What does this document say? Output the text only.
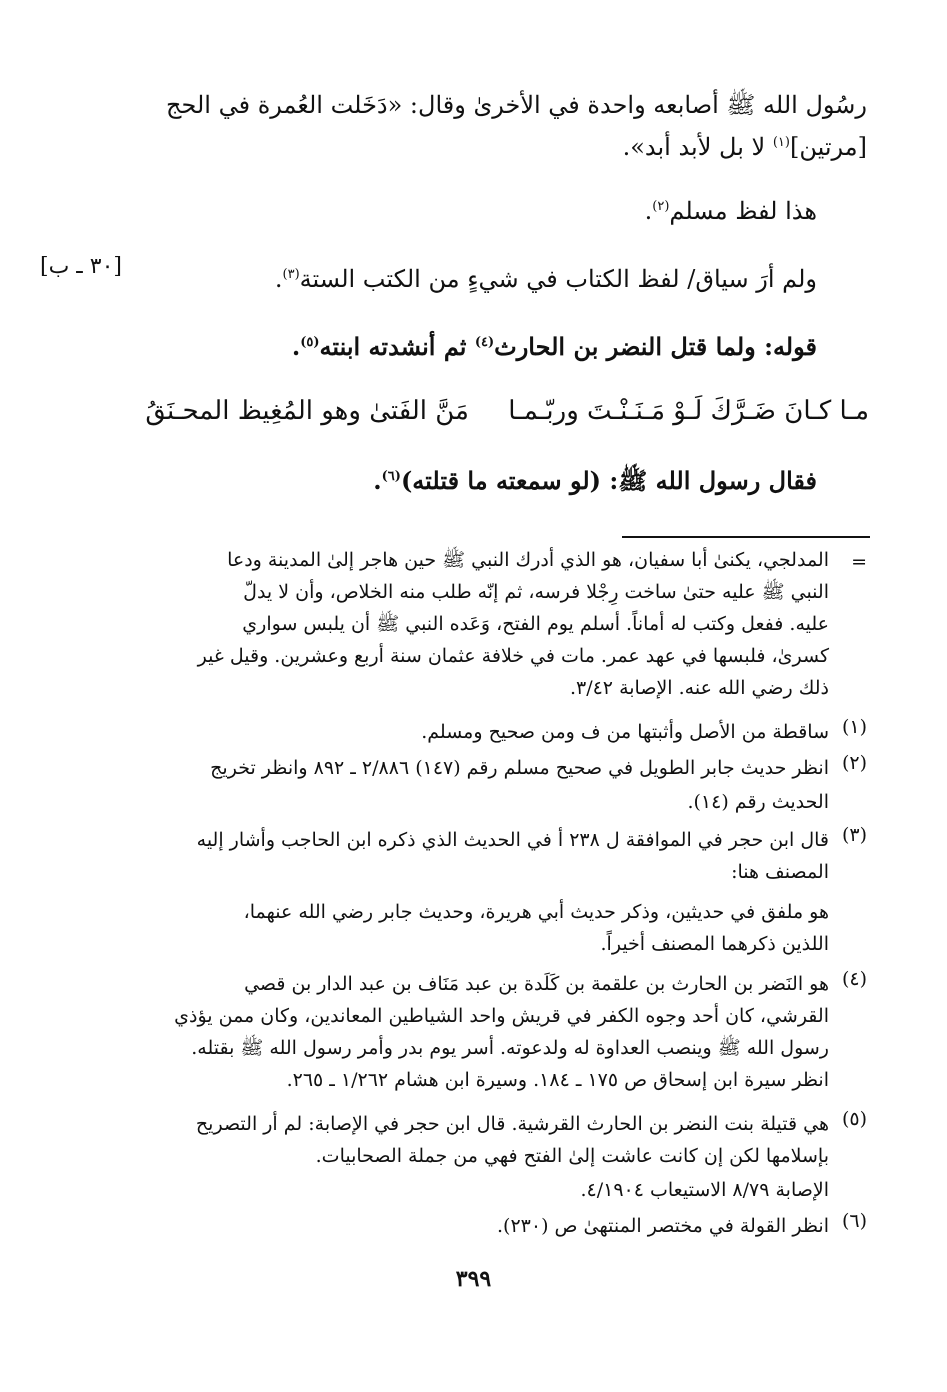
رسُول الله ﷺ أصابعه واحدة في الأخرىٰ وقال: «دَخَلت العُمرة في الحج
[مرتين]$^{(١)}$ لا بل لأبد أبد».
هذا لفظ مسلم$^{(٢)}$.
[٣٠ ـ ب]	ولم أرَ سياق/ لفظ الكتاب في شيءٍ من الكتب الستة$^{(٣)}$.
قوله: ولما قتل النضر بن الحارث$^{(٤)}$ ثم أنشدته ابنته$^{(٥)}$.
مـا كـانَ ضَـرَّكَ لَـوْ مَـنَـنْـتَ وربّـمـا
مَنَّ الفَتىٰ وهو المُغِيظ المحـنَقُ
فقال رسول الله ﷺ: (لو سمعته ما قتلته)$^{(٦)}$.
=
المدلجي، يكنىٰ أبا سفيان، هو الذي أدرك النبي ﷺ حين هاجر إلىٰ المدينة ودعا
النبي ﷺ عليه حتىٰ ساخت رِجْلا فرسه، ثم إنّه طلب منه الخلاص، وأن لا يدلّ
عليه. ففعل وكتب له أماناً. أسلم يوم الفتح، وَعَده النبي ﷺ أن يلبس سواري
كسرىٰ، فلبسها في عهد عمر. مات في خلافة عثمان سنة أربع وعشرين. وقيل غير
ذلك رضي الله عنه. الإصابة ٣/٤٢.
(١)
ساقطة من الأصل وأثبتها من ف ومن صحيح ومسلم.
(٢)
انظر حديث جابر الطويل في صحيح مسلم رقم (١٤٧) ٢/٨٨٦ ـ ٨٩٢ وانظر تخريج
الحديث رقم (١٤).
(٣)
قال ابن حجر في الموافقة ل ٢٣٨ أ في الحديث الذي ذكره ابن الحاجب وأشار إليه
المصنف هنا:
هو ملفق في حديثين، وذكر حديث أبي هريرة، وحديث جابر رضي الله عنهما،
اللذين ذكرهما المصنف أخيراً.
(٤)
هو النَضر بن الحارث بن علقمة بن كَلَدة بن عبد مَنَاف بن عبد الدار بن قصي
القرشي، كان أحد وجوه الكفر في قريش واحد الشياطين المعاندين، وكان ممن يؤذي
رسول الله ﷺ وينصب العداوة له ولدعوته. أسر يوم بدر وأمر رسول الله ﷺ بقتله.
انظر سيرة ابن إسحاق ص ١٧٥ ـ ١٨٤. وسيرة ابن هشام ١/٢٦٢ ـ ٢٦٥.
(٥)
هي قتيلة بنت النضر بن الحارث القرشية. قال ابن حجر في الإصابة: لم أر التصريح
بإسلامها لكن إن كانت عاشت إلىٰ الفتح فهي من جملة الصحابيات.
الإصابة ٨/٧٩ الاستيعاب ٤/١٩٠٤.
(٦)
انظر القولة في مختصر المنتهىٰ ص (٢٣٠).
٣٩٩
